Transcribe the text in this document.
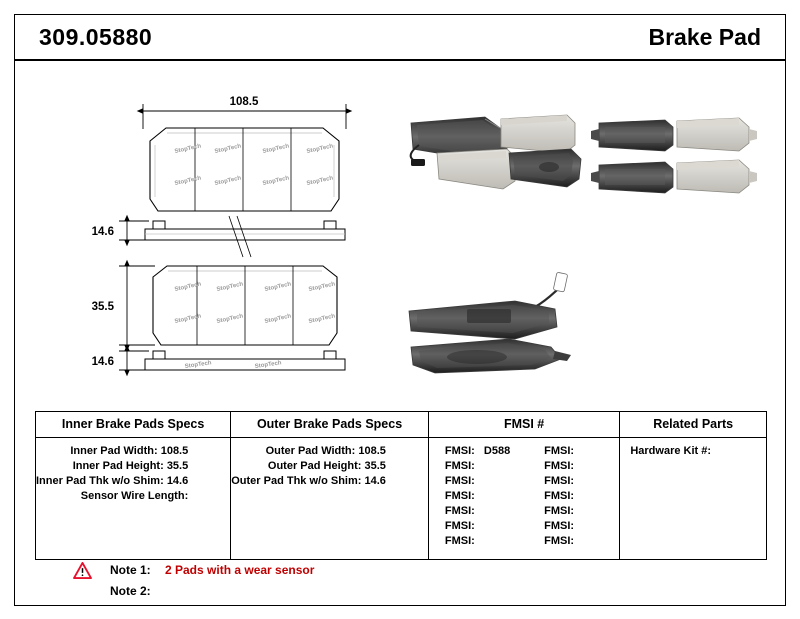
309.05880	Brake Pad
108.5
StopTech StopTech	StopTech	StopTech
StopTech StopTech	StopTech	StopTech
14.6
StopTech StopTech	StopTech	StopTech
StopTech StopTech	StopTech	StopTech
35.5
StopTech	StopTech
14.6
Inner Brake Pads Specs	Outer Brake Pads Specs	FMSI #	Related Parts

Inner Pad Width: 108.5
Inner Pad Height: 35.5
Inner Pad Thk w/o Shim: 14.6
Sensor Wire Length:

Outer Pad Width: 108.5
Outer Pad Height: 35.5
Outer Pad Thk w/o Shim: 14.6

FMSI: D588
FMSI:
FMSI:
FMSI:
FMSI:
FMSI:
FMSI:
FMSI:
FMSI:
FMSI:
FMSI:
FMSI:
FMSI:
FMSI:

Hardware Kit #:
Note 1: 2 Pads with a wear sensor
Note 2:
